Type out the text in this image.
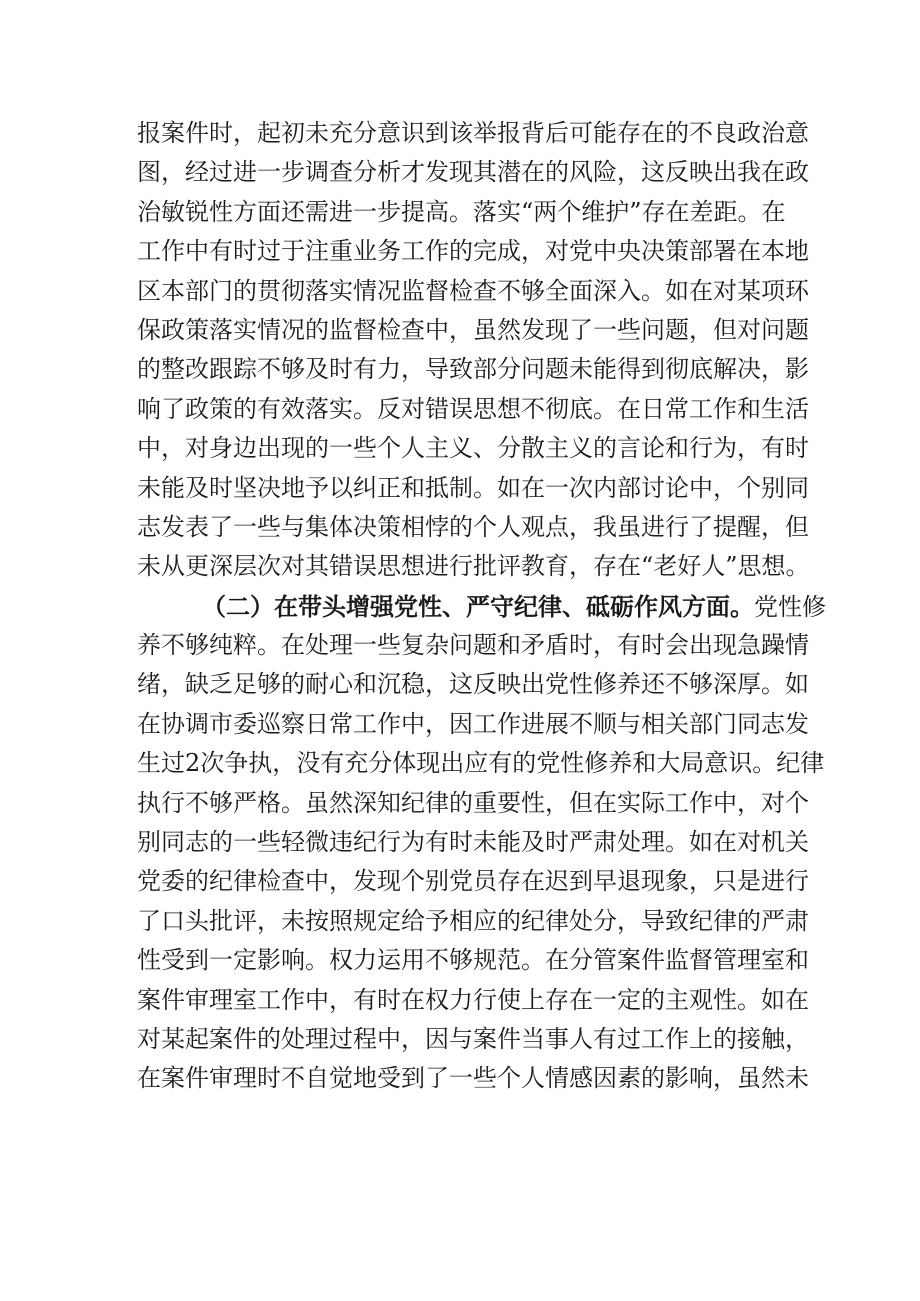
报案件时，起初未充分意识到该举报背后可能存在的不良政治意
图，经过进一步调查分析才发现其潜在的风险，这反映出我在政
治敏锐性方面还需进一步提高。落实“两个维护”存在差距。在
工作中有时过于注重业务工作的完成，对党中央决策部署在本地
区本部门的贯彻落实情况监督检查不够全面深入。如在对某项环
保政策落实情况的监督检查中，虽然发现了一些问题，但对问题
的整改跟踪不够及时有力，导致部分问题未能得到彻底解决，影
响了政策的有效落实。反对错误思想不彻底。在日常工作和生活
中，对身边出现的一些个人主义、分散主义的言论和行为，有时
未能及时坚决地予以纠正和抵制。如在一次内部讨论中，个别同
志发表了一些与集体决策相悖的个人观点，我虽进行了提醒，但
未从更深层次对其错误思想进行批评教育，存在“老好人”思想。
（二）在带头增强党性、严守纪律、砥砺作风方面。党性修
养不够纯粹。在处理一些复杂问题和矛盾时，有时会出现急躁情
绪，缺乏足够的耐心和沉稳，这反映出党性修养还不够深厚。如
在协调市委巡察日常工作中，因工作进展不顺与相关部门同志发
生过2次争执，没有充分体现出应有的党性修养和大局意识。纪律
执行不够严格。虽然深知纪律的重要性，但在实际工作中，对个
别同志的一些轻微违纪行为有时未能及时严肃处理。如在对机关
党委的纪律检查中，发现个别党员存在迟到早退现象，只是进行
了口头批评，未按照规定给予相应的纪律处分，导致纪律的严肃
性受到一定影响。权力运用不够规范。在分管案件监督管理室和
案件审理室工作中，有时在权力行使上存在一定的主观性。如在
对某起案件的处理过程中，因与案件当事人有过工作上的接触，
在案件审理时不自觉地受到了一些个人情感因素的影响，虽然未
